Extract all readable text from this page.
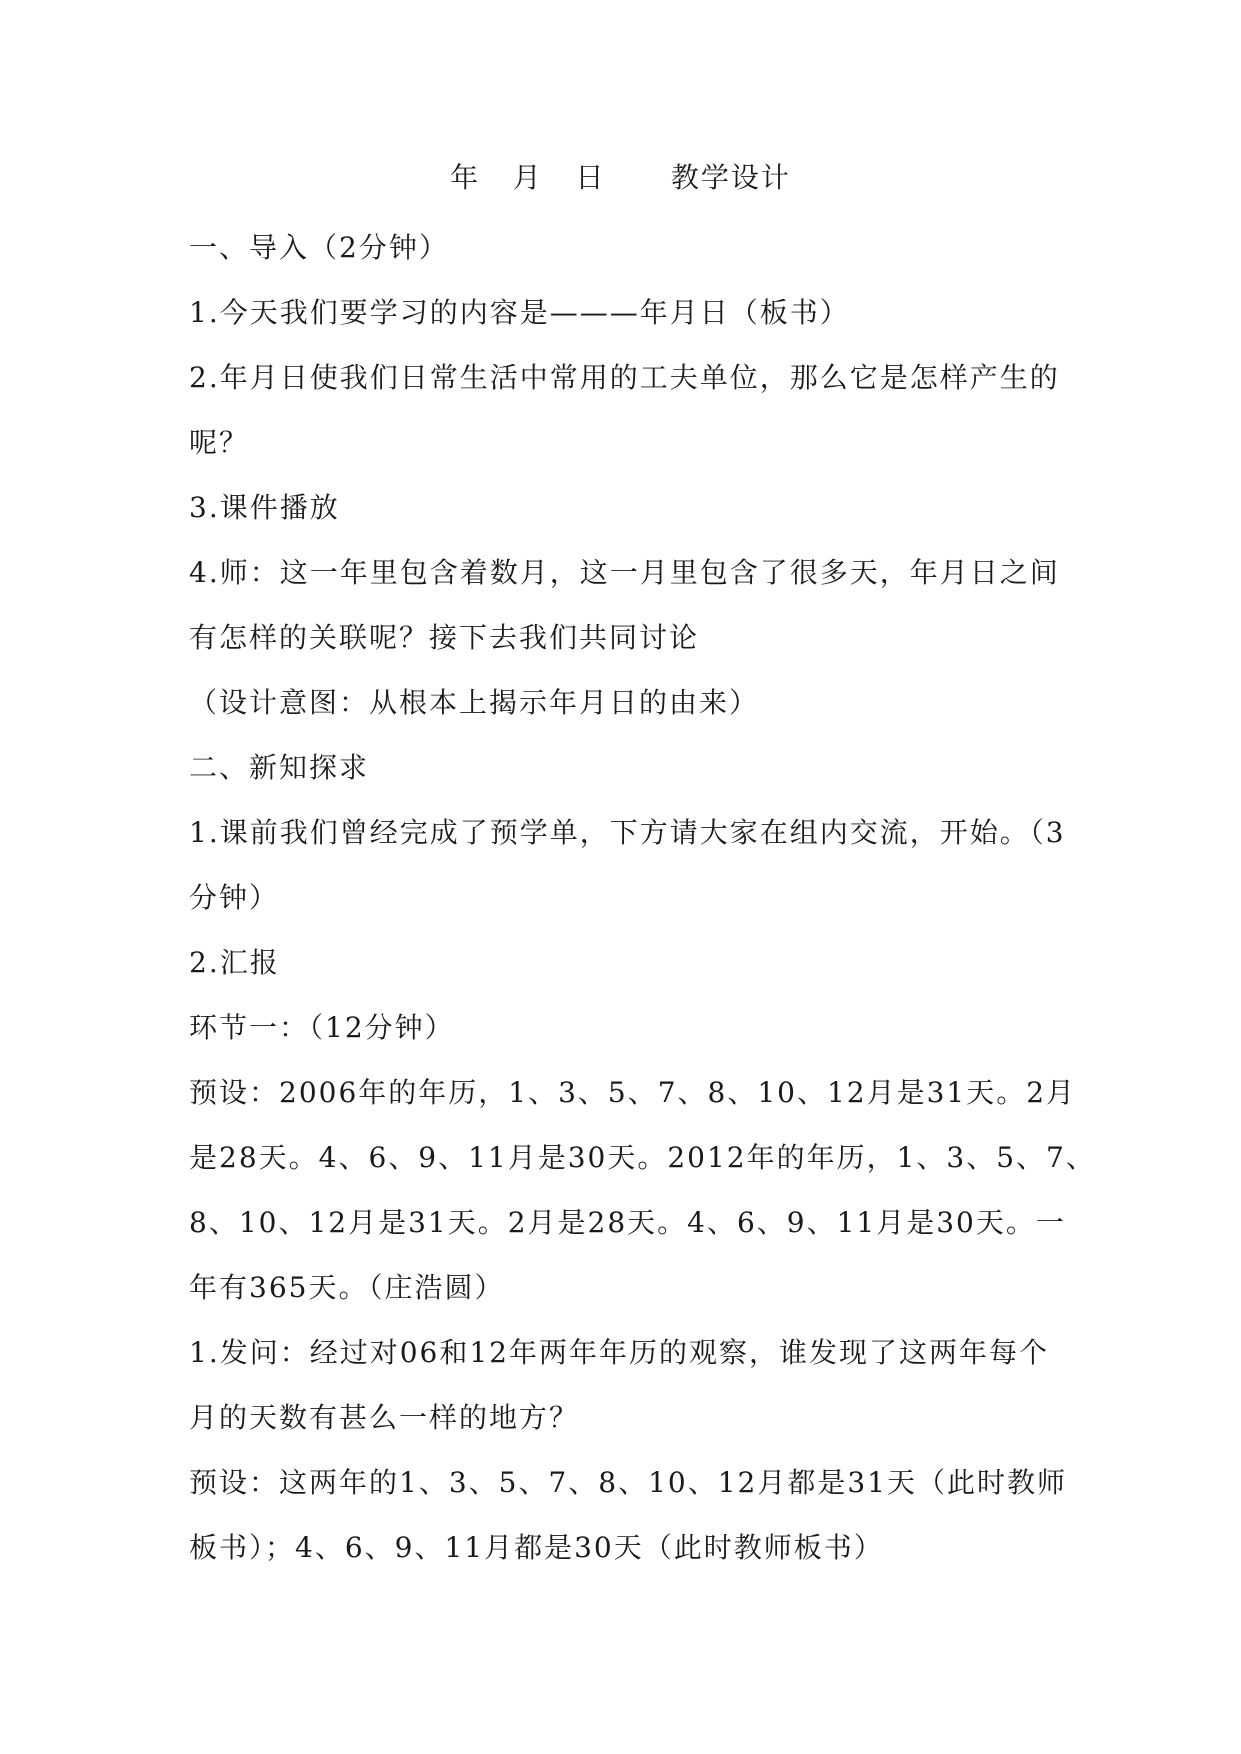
年   月   日      教学设计
一、导入（2分钟）
1.今天我们要学习的内容是———年月日（板书）
2.年月日使我们日常生活中常用的工夫单位，那么它是怎样产生的
呢？
3.课件播放
4.师：这一年里包含着数月，这一月里包含了很多天，年月日之间
有怎样的关联呢？接下去我们共同讨论
（设计意图：从根本上揭示年月日的由来）
二、新知探求
1.课前我们曾经完成了预学单，下方请大家在组内交流，开始。（3
分钟）
2.汇报
环节一：（12分钟）
预设：2006年的年历，1、3、5、7、8、10、12月是31天。2月
是28天。4、6、9、11月是30天。2012年的年历，1、3、5、7、
8、10、12月是31天。2月是28天。4、6、9、11月是30天。一
年有365天。（庄浩圆）
1.发问：经过对06和12年两年年历的观察，谁发现了这两年每个
月的天数有甚么一样的地方？
预设：这两年的1、3、5、7、8、10、12月都是31天（此时教师
板书）；4、6、9、11月都是30天（此时教师板书）
